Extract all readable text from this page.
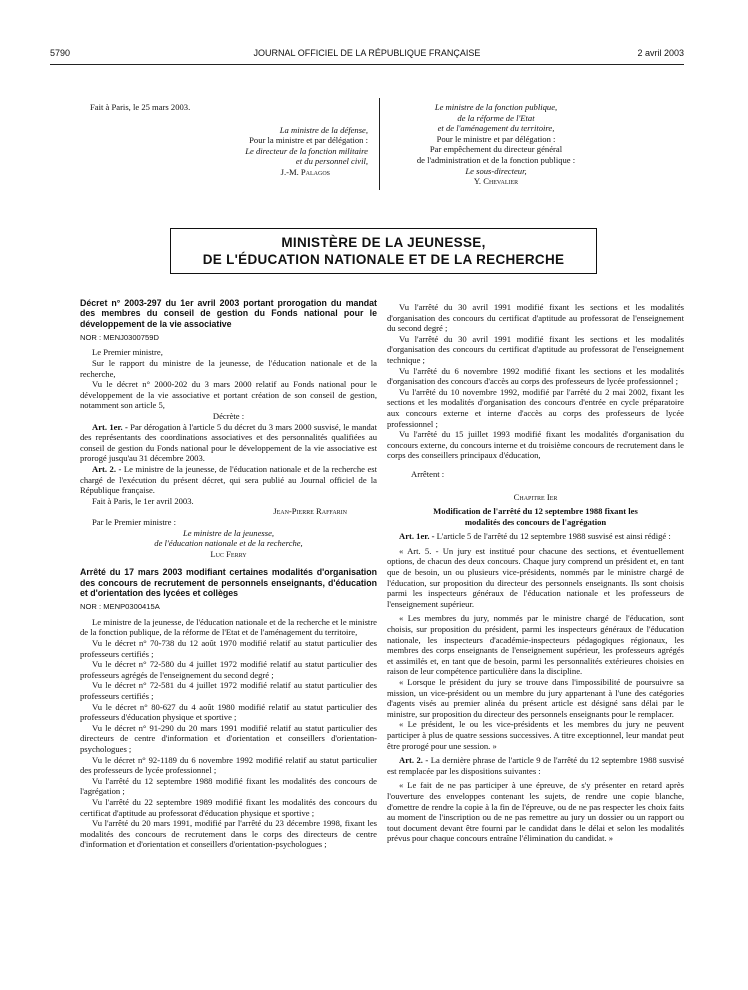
5790	JOURNAL OFFICIEL DE LA RÉPUBLIQUE FRANÇAISE	2 avril 2003

Fait à Paris, le 25 mars 2003.

La ministre de la défense,

Pour la ministre et par délégation :

Le directeur de la fonction militaire

et du personnel civil,

J.-M. Palagos

Le ministre de la fonction publique,

de la réforme de l'Etat

et de l'aménagement du territoire,

Pour le ministre et par délégation :

Par empêchement du directeur général

de l'administration et de la fonction publique :

Le sous-directeur,

Y. Chevalier

MINISTÈRE DE LA JEUNESSE,
DE L'ÉDUCATION NATIONALE ET DE LA RECHERCHE

Décret n° 2003-297 du 1er avril 2003 portant prorogation du mandat des membres du conseil de gestion du Fonds national pour le développement de la vie associative

NOR : MENJ0300759D

Le Premier ministre,

Sur le rapport du ministre de la jeunesse, de l'éducation nationale et de la recherche,

Vu le décret n° 2000-202 du 3 mars 2000 relatif au Fonds national pour le développement de la vie associative et portant création de son conseil de gestion, notamment son article 5,

Décrète :

Art. 1er. - Par dérogation à l'article 5 du décret du 3 mars 2000 susvisé, le mandat des représentants des coordinations associatives et des personnalités qualifiées au conseil de gestion du Fonds national pour le développement de la vie associative est prorogé jusqu'au 31 décembre 2003.

Art. 2. - Le ministre de la jeunesse, de l'éducation nationale et de la recherche est chargé de l'exécution du présent décret, qui sera publié au Journal officiel de la République française.

Fait à Paris, le 1er avril 2003.

Jean-Pierre Raffarin

Par le Premier ministre :

Le ministre de la jeunesse,

de l'éducation nationale et de la recherche,

Luc Ferry

Arrêté du 17 mars 2003 modifiant certaines modalités d'organisation des concours de recrutement de personnels enseignants, d'éducation et d'orientation des lycées et collèges

NOR : MENP0300415A

Le ministre de la jeunesse, de l'éducation nationale et de la recherche et le ministre de la fonction publique, de la réforme de l'Etat et de l'aménagement du territoire,

Vu le décret n° 70-738 du 12 août 1970 modifié relatif au statut particulier des professeurs certifiés ;

Vu le décret n° 72-580 du 4 juillet 1972 modifié relatif au statut particulier des professeurs agrégés de l'enseignement du second degré ;

Vu le décret n° 72-581 du 4 juillet 1972 modifié relatif au statut particulier des professeurs certifiés ;

Vu le décret n° 80-627 du 4 août 1980 modifié relatif au statut particulier des professeurs d'éducation physique et sportive ;

Vu le décret n° 91-290 du 20 mars 1991 modifié relatif au statut particulier des directeurs de centre d'information et d'orientation et conseillers d'orientation-psychologues ;

Vu le décret n° 92-1189 du 6 novembre 1992 modifié relatif au statut particulier des professeurs de lycée professionnel ;

Vu l'arrêté du 12 septembre 1988 modifié fixant les modalités des concours de l'agrégation ;

Vu l'arrêté du 22 septembre 1989 modifié fixant les modalités des concours du certificat d'aptitude au professorat d'éducation physique et sportive ;

Vu l'arrêté du 20 mars 1991, modifié par l'arrêté du 23 décembre 1998, fixant les modalités des concours de recrutement dans le corps des directeurs de centre d'information et d'orientation et conseillers d'orientation-psychologues ;

Vu l'arrêté du 30 avril 1991 modifié fixant les sections et les modalités d'organisation des concours du certificat d'aptitude au professorat de l'enseignement du second degré ;

Vu l'arrêté du 30 avril 1991 modifié fixant les sections et les modalités d'organisation des concours du certificat d'aptitude au professorat de l'enseignement technique ;

Vu l'arrêté du 6 novembre 1992 modifié fixant les sections et les modalités d'organisation des concours d'accès au corps des professeurs de lycée professionnel ;

Vu l'arrêté du 10 novembre 1992, modifié par l'arrêté du 2 mai 2002, fixant les sections et les modalités d'organisation des concours d'entrée en cycle préparatoire aux concours externe et interne d'accès au corps des professeurs de lycée professionnel ;

Vu l'arrêté du 15 juillet 1993 modifié fixant les modalités d'organisation du concours externe, du concours interne et du troisième concours de recrutement dans le corps des conseillers principaux d'éducation,

Arrêtent :

Chapitre Ier

Modification de l'arrêté du 12 septembre 1988 fixant les modalités des concours de l'agrégation

Art. 1er. - L'article 5 de l'arrêté du 12 septembre 1988 susvisé est ainsi rédigé :

« Art. 5. - Un jury est institué pour chacune des sections, et éventuellement options, de chacun des deux concours. Chaque jury comprend un président et, en tant que de besoin, un ou plusieurs vice-présidents, nommés par le ministre chargé de l'éducation, sur proposition du directeur des personnels enseignants. Ils sont choisis parmi les inspecteurs généraux de l'éducation nationale et les professeurs de l'enseignement supérieur.

« Les membres du jury, nommés par le ministre chargé de l'éducation, sont choisis, sur proposition du président, parmi les inspecteurs généraux de l'éducation nationale, les inspecteurs d'académie-inspecteurs pédagogiques régionaux, les membres des corps enseignants de l'enseignement supérieur, les professeurs agrégés et assimilés et, en tant que de besoin, parmi les personnalités extérieures choisies en raison de leur compétence particulière dans la discipline.

« Lorsque le président du jury se trouve dans l'impossibilité de poursuivre sa mission, un vice-président ou un membre du jury appartenant à l'une des catégories d'agents visés au premier alinéa du présent article est désigné sans délai par le ministre, sur proposition du directeur des personnels enseignants pour le remplacer.

« Le président, le ou les vice-présidents et les membres du jury ne peuvent participer à plus de quatre sessions successives. A titre exceptionnel, leur mandat peut être prorogé pour une session. »

Art. 2. - La dernière phrase de l'article 9 de l'arrêté du 12 septembre 1988 susvisé est remplacée par les dispositions suivantes :

« Le fait de ne pas participer à une épreuve, de s'y présenter en retard après l'ouverture des enveloppes contenant les sujets, de rendre une copie blanche, d'omettre de rendre la copie à la fin de l'épreuve, ou de ne pas respecter les choix faits au moment de l'inscription ou de ne pas remettre au jury un dossier ou un rapport ou tout document devant être fourni par le candidat dans le délai et selon les modalités prévus pour chaque concours entraîne l'élimination du candidat. »
